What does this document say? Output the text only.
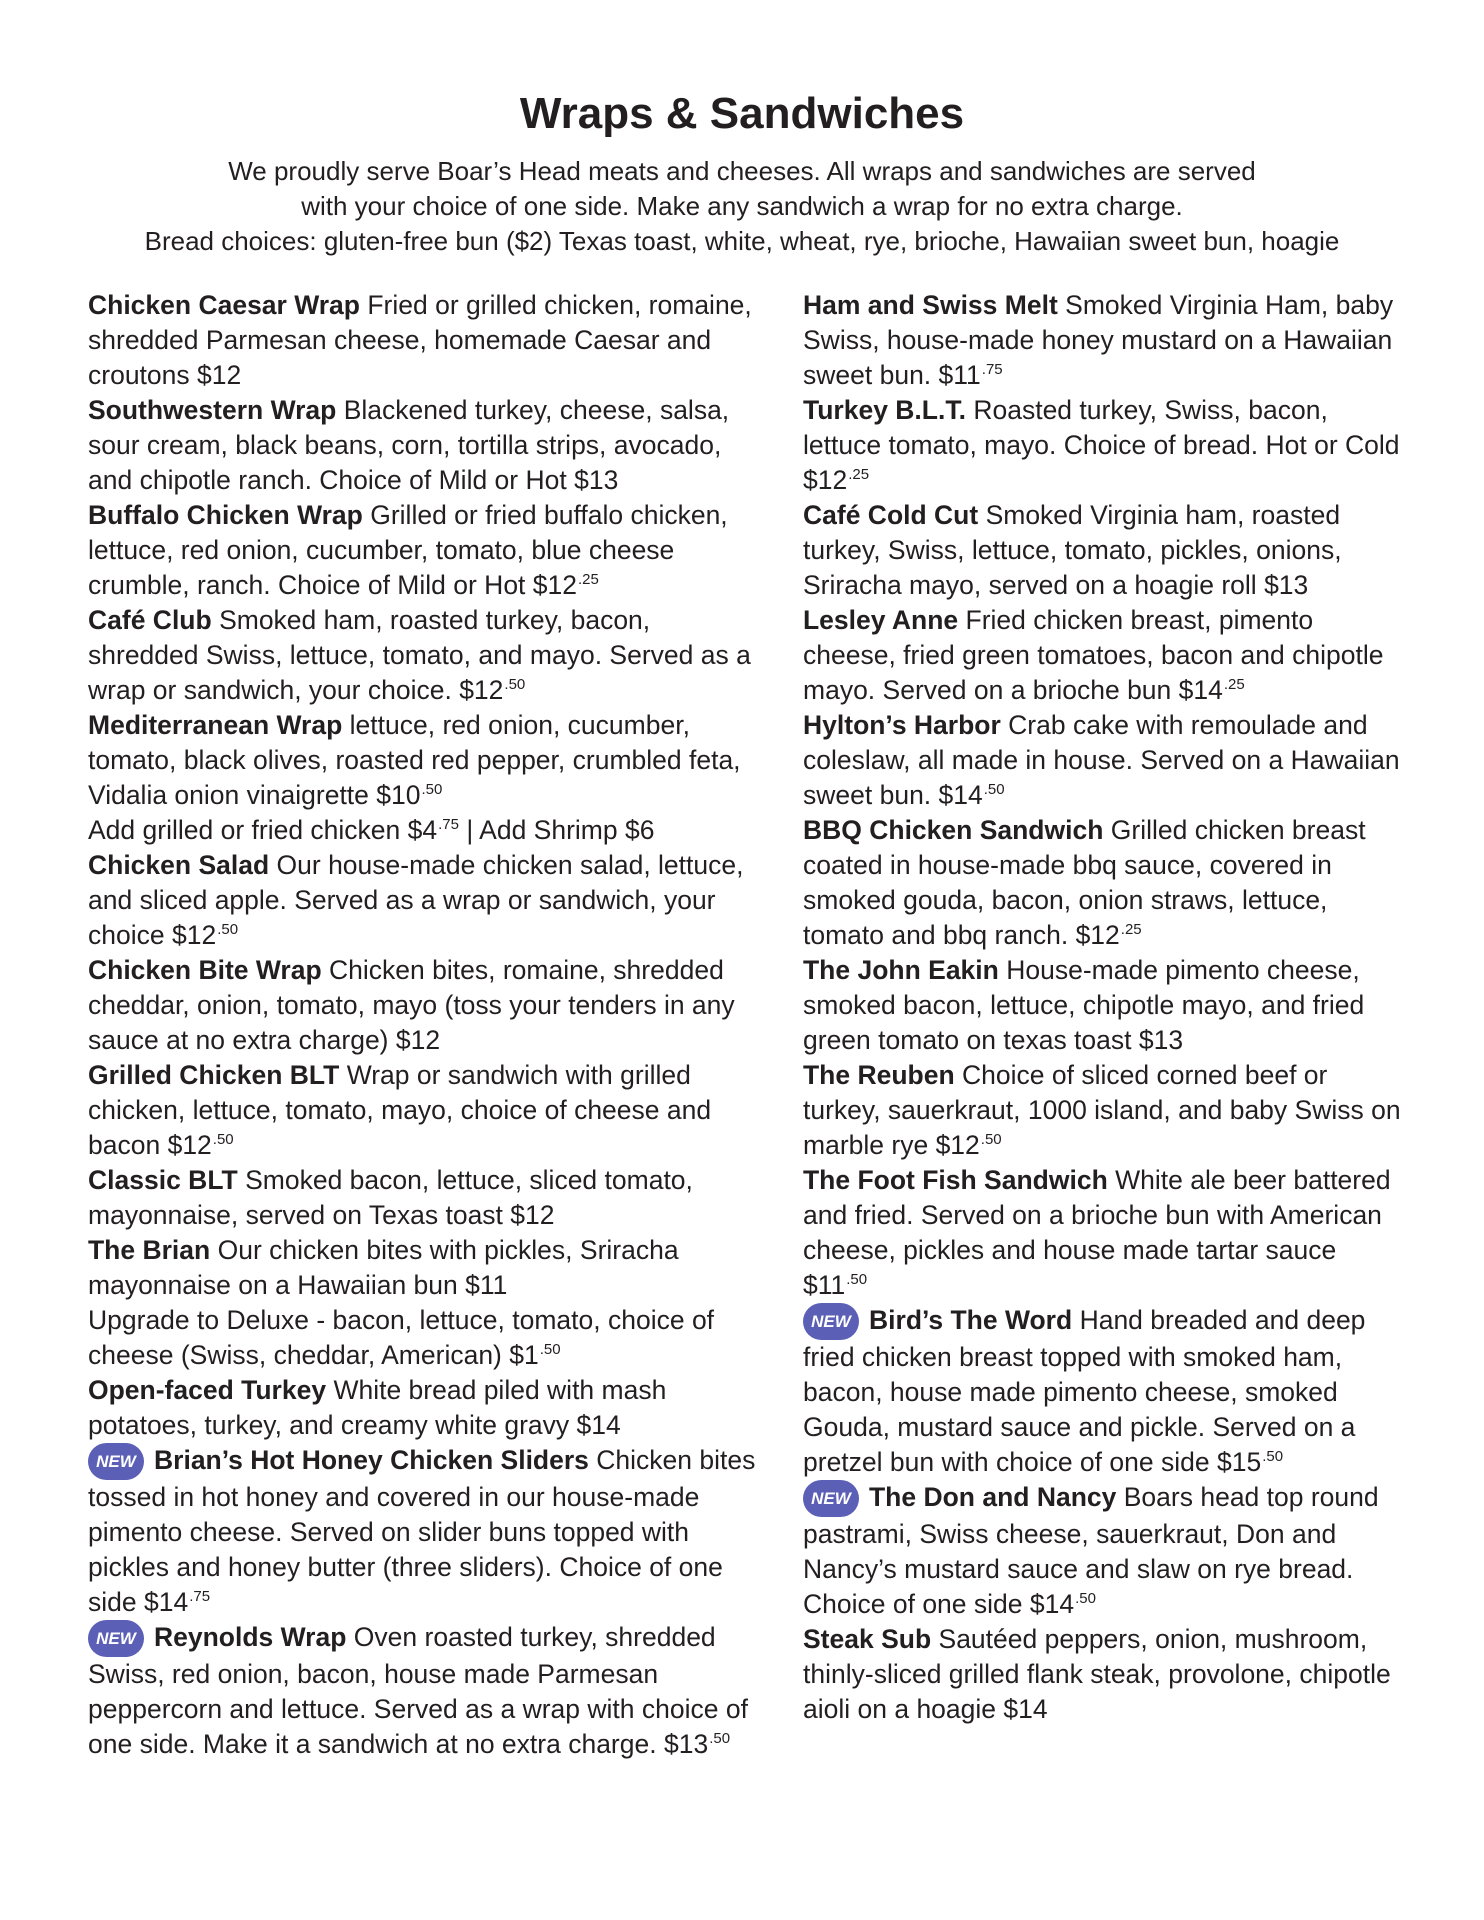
Wraps & Sandwiches
We proudly serve Boar’s Head meats and cheeses. All wraps and sandwiches are served
with your choice of one side. Make any sandwich a wrap for no extra charge.
Bread choices: gluten-free bun ($2) Texas toast, white, wheat, rye, brioche, Hawaiian sweet bun, hoagie
Chicken Caesar Wrap Fried or grilled chicken, romaine, shredded Parmesan cheese, homemade Caesar and croutons $12
Southwestern Wrap Blackened turkey, cheese, salsa, sour cream, black beans, corn, tortilla strips, avocado, and chipotle ranch. Choice of Mild or Hot $13
Buffalo Chicken Wrap Grilled or fried buffalo chicken, lettuce, red onion, cucumber, tomato, blue cheese crumble, ranch. Choice of Mild or Hot $\$12^{.25}$
Café Club Smoked ham, roasted turkey, bacon, shredded Swiss, lettuce, tomato, and mayo. Served as a wrap or sandwich, your choice. $\$12^{.50}$
Mediterranean Wrap lettuce, red onion, cucumber, tomato, black olives, roasted red pepper, crumbled feta, Vidalia onion vinaigrette $\$10^{.50}$
Add grilled or fried chicken $\$4^{.75}$ | Add Shrimp $6
Chicken Salad Our house-made chicken salad, lettuce, and sliced apple. Served as a wrap or sandwich, your choice $\$12^{.50}$
Chicken Bite Wrap Chicken bites, romaine, shredded cheddar, onion, tomato, mayo (toss your tenders in any sauce at no extra charge) $12
Grilled Chicken BLT Wrap or sandwich with grilled chicken, lettuce, tomato, mayo, choice of cheese and bacon $\$12^{.50}$
Classic BLT Smoked bacon, lettuce, sliced tomato, mayonnaise, served on Texas toast $12
The Brian Our chicken bites with pickles, Sriracha mayonnaise on a Hawaiian bun $11
Upgrade to Deluxe - bacon, lettuce, tomato, choice of cheese (Swiss, cheddar, American) $\$1^{.50}$
Open-faced Turkey White bread piled with mash potatoes, turkey, and creamy white gravy $14
NEW Brian’s Hot Honey Chicken Sliders Chicken bites tossed in hot honey and covered in our house-made pimento cheese. Served on slider buns topped with pickles and honey butter (three sliders). Choice of one side $\$14^{.75}$
NEW Reynolds Wrap Oven roasted turkey, shredded Swiss, red onion, bacon, house made Parmesan peppercorn and lettuce. Served as a wrap with choice of one side. Make it a sandwich at no extra charge. $\$13^{.50}$
Ham and Swiss Melt Smoked Virginia Ham, baby Swiss, house-made honey mustard on a Hawaiian sweet bun. $\$11^{.75}$
Turkey B.L.T. Roasted turkey, Swiss, bacon, lettuce tomato, mayo. Choice of bread. Hot or Cold $\$12^{.25}$
Café Cold Cut Smoked Virginia ham, roasted turkey, Swiss, lettuce, tomato, pickles, onions, Sriracha mayo, served on a hoagie roll $13
Lesley Anne Fried chicken breast, pimento cheese, fried green tomatoes, bacon and chipotle mayo. Served on a brioche bun $\$14^{.25}$
Hylton’s Harbor Crab cake with remoulade and coleslaw, all made in house. Served on a Hawaiian sweet bun. $\$14^{.50}$
BBQ Chicken Sandwich Grilled chicken breast coated in house-made bbq sauce, covered in smoked gouda, bacon, onion straws, lettuce, tomato and bbq ranch. $\$12^{.25}$
The John Eakin House-made pimento cheese, smoked bacon, lettuce, chipotle mayo, and fried green tomato on texas toast $13
The Reuben Choice of sliced corned beef or turkey, sauerkraut, 1000 island, and baby Swiss on marble rye $\$12^{.50}$
The Foot Fish Sandwich White ale beer battered and fried. Served on a brioche bun with American cheese, pickles and house made tartar sauce $\$11^{.50}$
NEW Bird’s The Word Hand breaded and deep fried chicken breast topped with smoked ham, bacon, house made pimento cheese, smoked Gouda, mustard sauce and pickle. Served on a pretzel bun with choice of one side $\$15^{.50}$
NEW The Don and Nancy Boars head top round pastrami, Swiss cheese, sauerkraut, Don and Nancy’s mustard sauce and slaw on rye bread. Choice of one side $\$14^{.50}$
Steak Sub Sautéed peppers, onion, mushroom, thinly-sliced grilled flank steak, provolone, chipotle aioli on a hoagie $14
